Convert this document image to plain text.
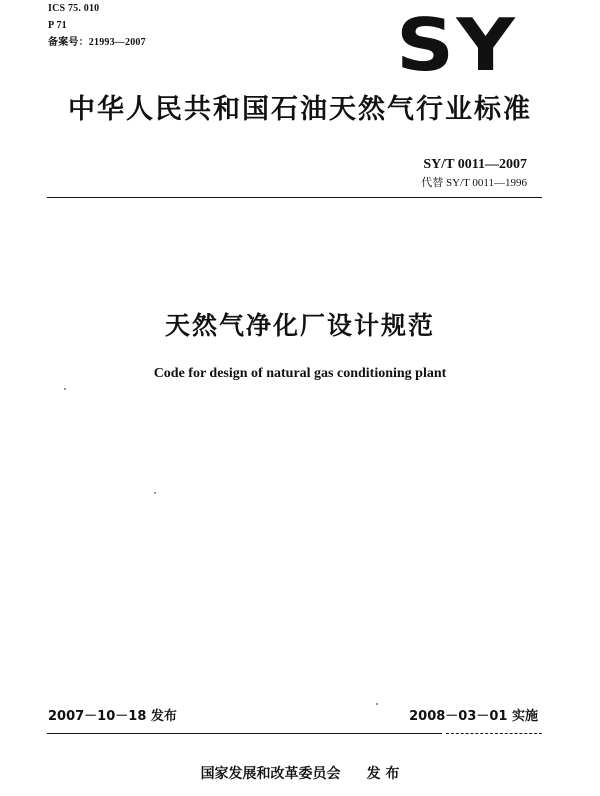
ICS 75. 010
P 71
备案号：21993—2007	SY
中华人民共和国石油天然气行业标准
SY/T 0011—2007
代替 SY/T 0011—1996
天然气净化厂设计规范
Code for design of natural gas conditioning plant
2007－10－18 发布	2008－03－01 实施
国家发展和改革委员会 发 布
